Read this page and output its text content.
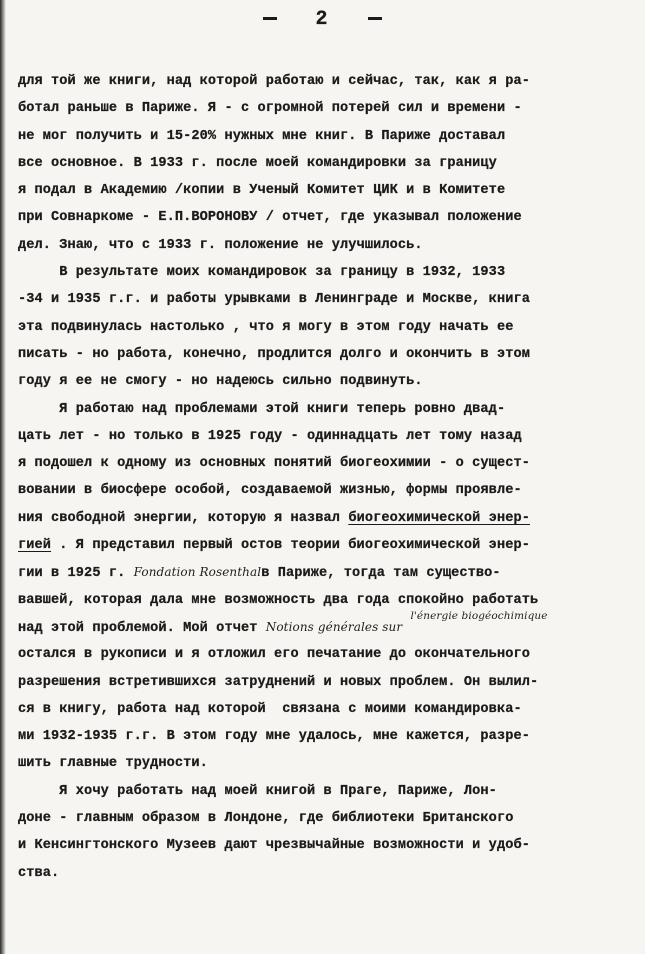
2
для той же книги, над которой работаю и сейчас, так, как я ра-
ботал раньше в Париже. Я - с огромной потерей сил и времени -
не мог получить и 15-20% нужных мне книг. В Париже доставал
все основное. В 1933 г. после моей командировки за границу
я подал в Академию /копии в Ученый Комитет ЦИК и в Комитете
при Совнаркоме - Е.П.ВОРОНОВУ / отчет, где указывал положение
дел. Знаю, что с 1933 г. положение не улучшилось.
В результате моих командировок за границу в 1932, 1933
-34 и 1935 г.г. и работы урывками в Ленинграде и Москве, книга
эта подвинулась настолько , что я могу в этом году начать ее
писать - но работа, конечно, продлится долго и окончить в этом
году я ее не смогу - но надеюсь сильно подвинуть.
Я работаю над проблемами этой книги теперь ровно двад-
цать лет - но только в 1925 году - одиннадцать лет тому назад
я подошел к одному из основных понятий биогеохимии - о сущест-
вовании в биосфере особой, создаваемой жизнью, формы проявле-
ния свободной энергии, которую я назвал биогеохимической энер-
гией . Я представил первый остов теории биогеохимической энер-
гии в 1925 г. Fondation Rosenthalв Париже, тогда там существо-
вавшей, которая дала мне возможность два года спокойно работать
над этой проблемой. Мой отчет Notions générales sur $^{l'énergie biogéochimique}$
остался в рукописи и я отложил его печатание до окончательного
разрешения встретившихся затруднений и новых проблем. Он вылил-
ся в книгу, работа над которой  связана с моими командировка-
ми 1932-1935 г.г. В этом году мне удалось, мне кажется, разре-
шить главные трудности.
Я хочу работать над моей книгой в Праге, Париже, Лон-
доне - главным образом в Лондоне, где библиотеки Британского
и Кенсингтонского Музеев дают чрезвычайные возможности и удоб-
ства.
